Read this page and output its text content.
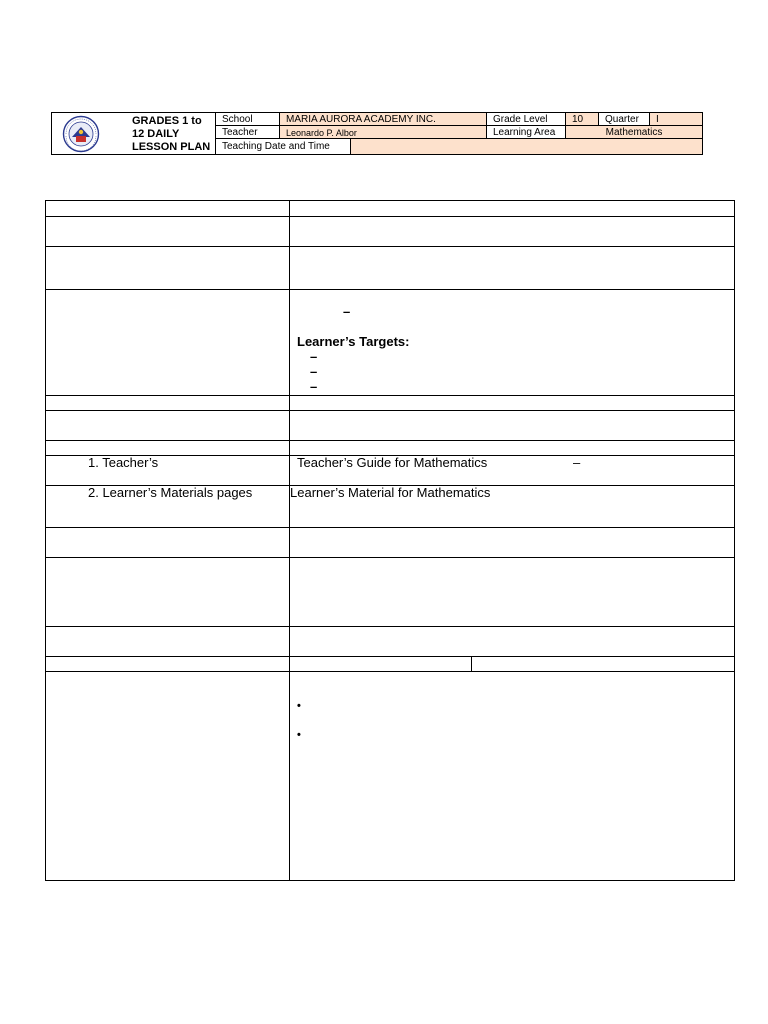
GRADES 1 to
12 DAILY
LESSON PLAN
School	MARIA AURORA ACADEMY INC.	Grade Level	10	Quarter	I
Teacher	Leonardo P. Albor	Learning Area	Mathematics
Teaching Date and Time
–
Learner’s Targets:
–
–
–
1. Teacher’s	Teacher’s Guide for Mathematics	–
2. Learner’s Materials pages	Learner’s Material for Mathematics
•
•
